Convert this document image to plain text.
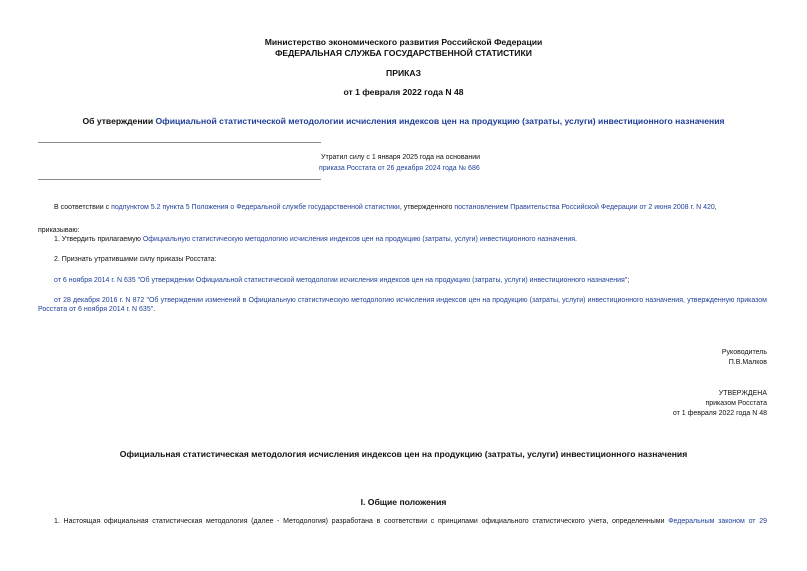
Министерство экономического развития Российской Федерации
ФЕДЕРАЛЬНАЯ СЛУЖБА ГОСУДАРСТВЕННОЙ СТАТИСТИКИ
ПРИКАЗ
от 1 февраля 2022 года N 48
Об утверждении Официальной статистической методологии исчисления индексов цен на продукцию (затраты, услуги) инвестиционного назначения
Утратил силу с 1 января 2025 года на основании
приказа Росстата от 26 декабря 2024 года № 686
В соответствии с подпунктом 5.2 пункта 5 Положения о Федеральной службе государственной статистики, утвержденного постановлением Правительства Российской Федерации от 2 июня 2008 г. N 420,
приказываю:
1. Утвердить прилагаемую Официальную статистическую методологию исчисления индексов цен на продукцию (затраты, услуги) инвестиционного назначения.
2. Признать утратившими силу приказы Росстата:
от 6 ноября 2014 г. N 635 "Об утверждении Официальной статистической методологии исчисления индексов цен на продукцию (затраты, услуги) инвестиционного назначения";
от 28 декабря 2016 г. N 872 "Об утверждении изменений в Официальную статистическую методологию исчисления индексов цен на продукцию (затраты, услуги) инвестиционного назначения, утвержденную приказом Росстата от 6 ноября 2014 г. N 635".
Руководитель
П.В.Малков
УТВЕРЖДЕНА
приказом Росстата
от 1 февраля 2022 года N 48
Официальная статистическая методология исчисления индексов цен на продукцию (затраты, услуги) инвестиционного назначения
I. Общие положения
1. Настоящая официальная статистическая методология (далее - Методология) разработана в соответствии с принципами официального статистического учета, определенными Федеральным законом от 29
